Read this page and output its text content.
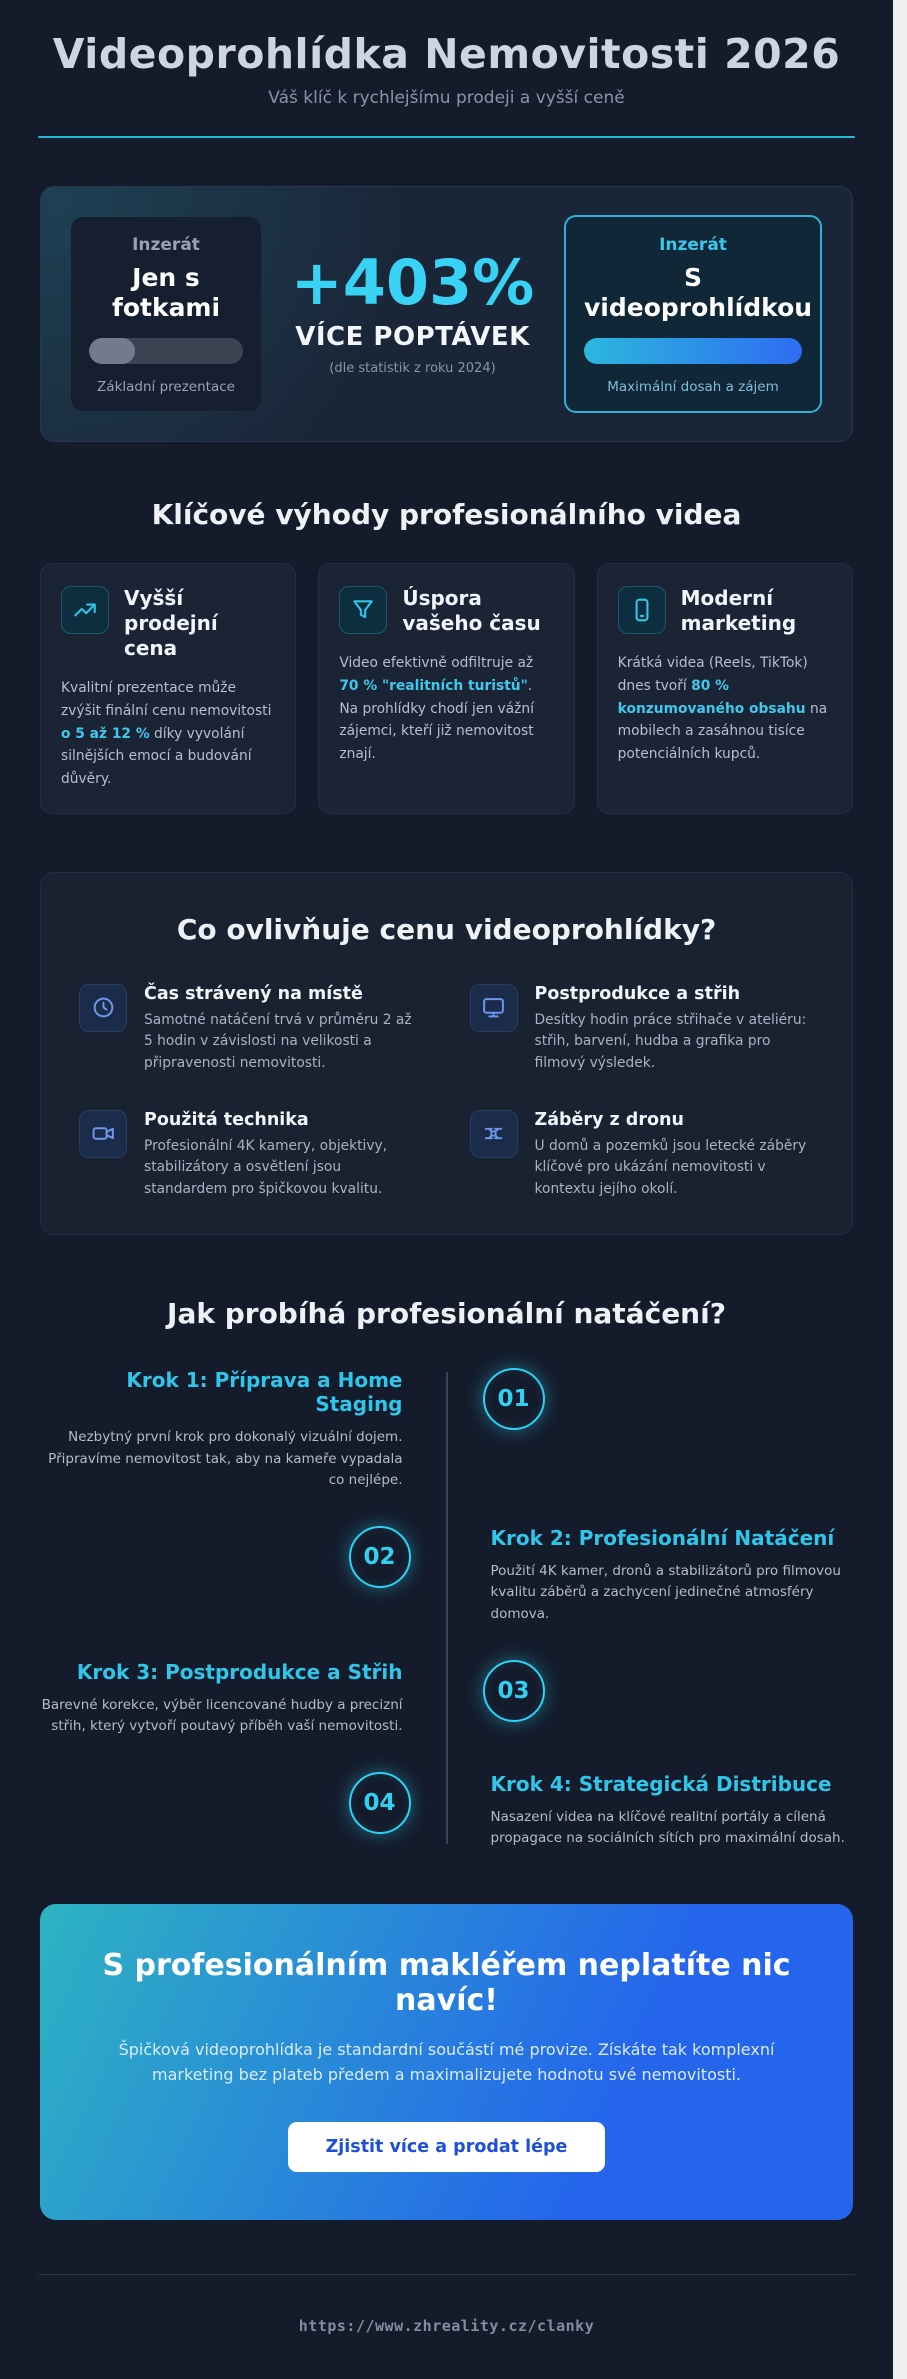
Videoprohlídka Nemovitosti 2026
Váš klíč k rychlejšímu prodeji a vyšší ceně
Inzerát
Jen s fotkami
Základní prezentace
+403%
VÍCE POPTÁVEK
(dle statistik z roku 2024)
Inzerát
S videoprohlídkou
Maximální dosah a zájem
Klíčové výhody profesionálního videa
Vyšší prodejní cena

Kvalitní prezentace může zvýšit finální cenu nemovitosti o 5 až 12 % díky vyvolání silnějších emocí a budování důvěry.

Úspora vašeho času

Video efektivně odfiltruje až 70 % "realitních turistů". Na prohlídky chodí jen vážní zájemci, kteří již nemovitost znají.

Moderní marketing

Krátká videa (Reels, TikTok) dnes tvoří 80 % konzumovaného obsahu na mobilech a zasáhnou tisíce potenciálních kupců.

Co ovlivňuje cenu videoprohlídky?
Čas strávený na místě
Samotné natáčení trvá v průměru 2 až 5 hodin v závislosti na velikosti a připravenosti nemovitosti.
Postprodukce a střih
Desítky hodin práce střihače v ateliéru: střih, barvení, hudba a grafika pro filmový výsledek.
Použitá technika
Profesionální 4K kamery, objektivy, stabilizátory a osvětlení jsou standardem pro špičkovou kvalitu.
Záběry z dronu
U domů a pozemků jsou letecké záběry klíčové pro ukázání nemovitosti v kontextu jejího okolí.
Jak probíhá profesionální natáčení?
Krok 1: Příprava a Home Staging
Nezbytný první krok pro dokonalý vizuální dojem. Připravíme nemovitost tak, aby na kameře vypadala co nejlépe.
01
02
Krok 2: Profesionální Natáčení
Použití 4K kamer, dronů a stabilizátorů pro filmovou kvalitu záběrů a zachycení jedinečné atmosféry domova.
Krok 3: Postprodukce a Střih
Barevné korekce, výběr licencované hudby a precizní střih, který vytvoří poutavý příběh vaší nemovitosti.
03
04
Krok 4: Strategická Distribuce
Nasazení videa na klíčové realitní portály a cílená propagace na sociálních sítích pro maximální dosah.
S profesionálním makléřem neplatíte nic navíc!

Špičková videoprohlídka je standardní součástí mé provize. Získáte tak komplexní marketing bez plateb předem a maximalizujete hodnotu své nemovitosti.

Zjistit více a prodat lépe
https://www.zhreality.cz/clanky
